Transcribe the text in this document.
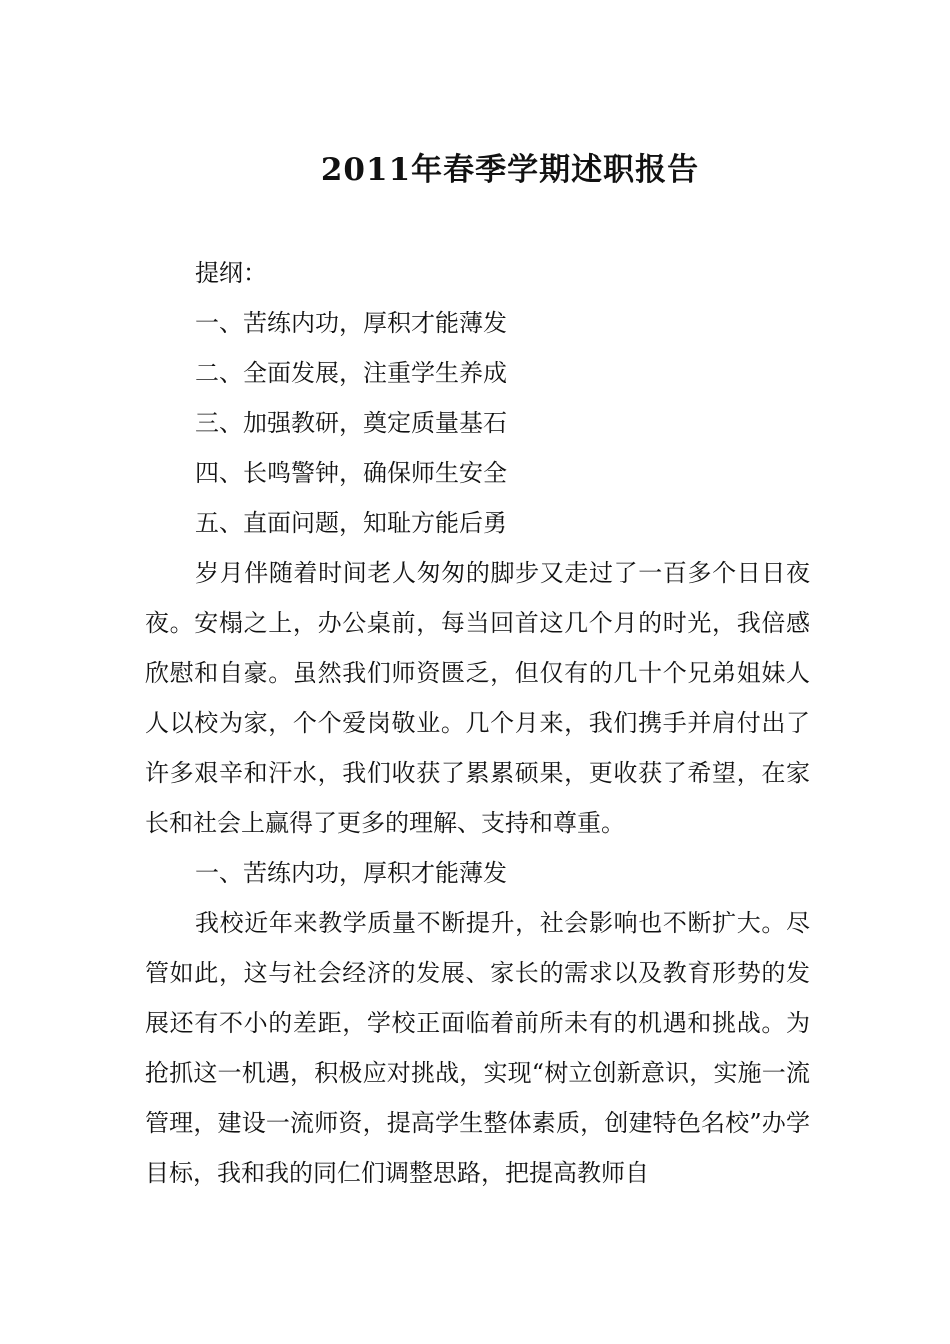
2011年春季学期述职报告
提纲：
一、苦练内功，厚积才能薄发
二、全面发展，注重学生养成
三、加强教研，奠定质量基石
四、长鸣警钟，确保师生安全
五、直面问题，知耻方能后勇

岁月伴随着时间老人匆匆的脚步又走过了一百多个日日夜夜。安榻之上，办公桌前，每当回首这几个月的时光，我倍感欣慰和自豪。虽然我们师资匮乏，但仅有的几十个兄弟姐妹人人以校为家，个个爱岗敬业。几个月来，我们携手并肩付出了许多艰辛和汗水，我们收获了累累硕果，更收获了希望，在家长和社会上赢得了更多的理解、支持和尊重。

一、苦练内功，厚积才能薄发

我校近年来教学质量不断提升，社会影响也不断扩大。尽管如此，这与社会经济的发展、家长的需求以及教育形势的发展还有不小的差距，学校正面临着前所未有的机遇和挑战。为抢抓这一机遇，积极应对挑战，实现“树立创新意识，实施一流管理，建设一流师资，提高学生整体素质，创建特色名校”办学目标，我和我的同仁们调整思路，把提高教师自
